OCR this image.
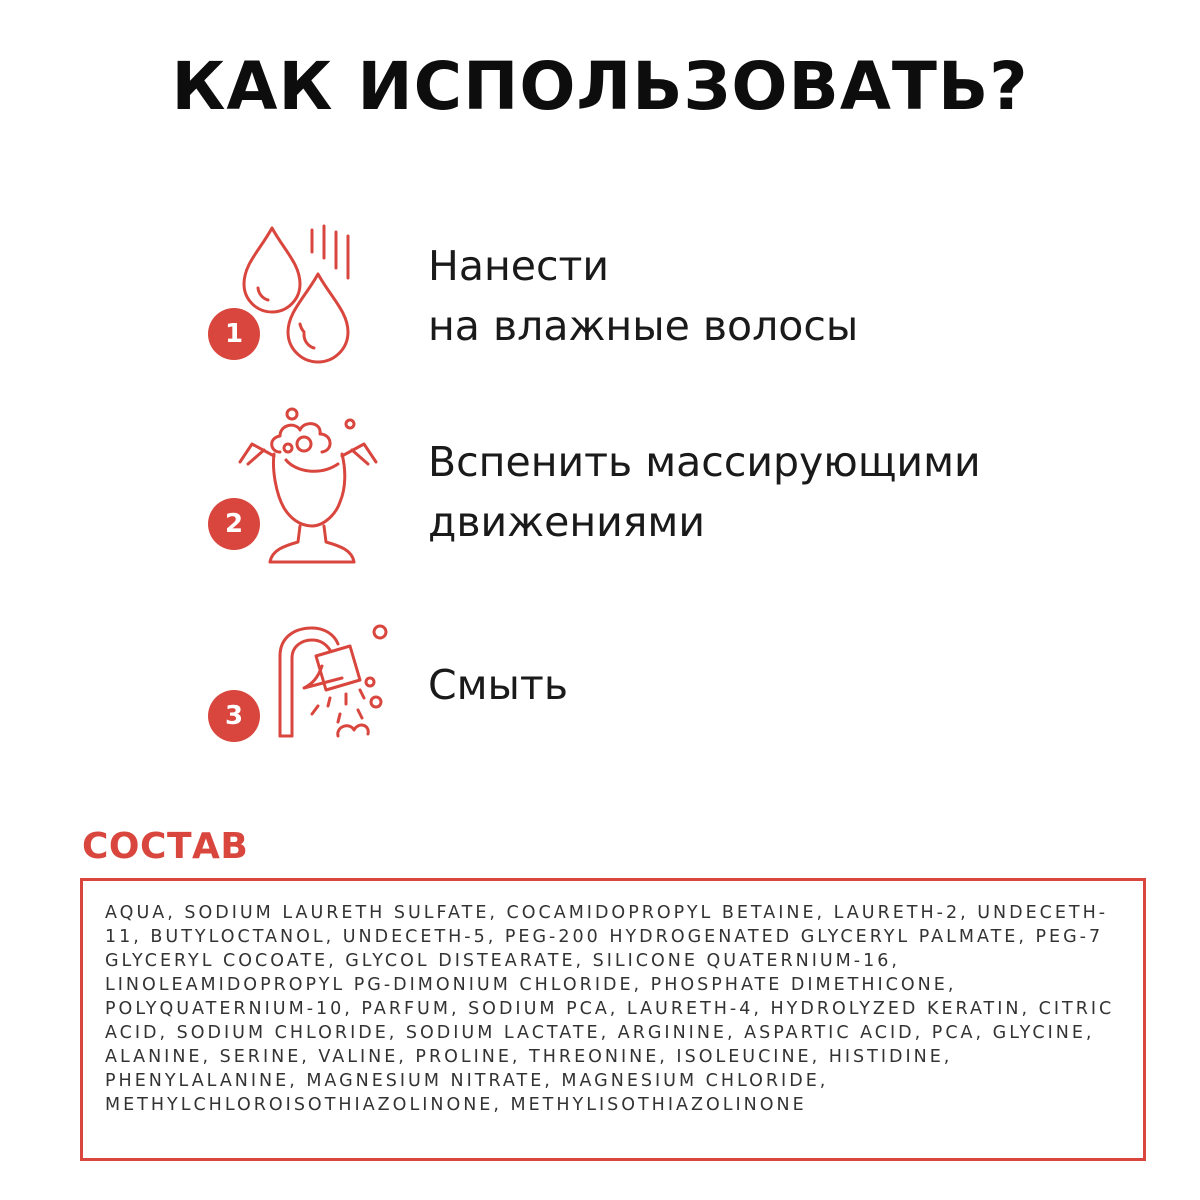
КАК ИСПОЛЬЗОВАТЬ?
1
Нанести
на влажные волосы
2
Вспенить массирующими
движениями
3
Смыть
СОСТАВ

AQUA, SODIUM LAURETH SULFATE, COCAMIDOPROPYL BETAINE, LAURETH-2, UNDECETH-11, BUTYLOCTANOL, UNDECETH-5, PEG-200 HYDROGENATED GLYCERYL PALMATE, PEG-7 GLYCERYL COCOATE, GLYCOL DISTEARATE, SILICONE QUATERNIUM-16, LINOLEAMIDOPROPYL PG-DIMONIUM CHLORIDE, PHOSPHATE DIMETHICONE, POLYQUATERNIUM-10, PARFUM, SODIUM PCA, LAURETH-4, HYDROLYZED KERATIN, CITRIC ACID, SODIUM CHLORIDE, SODIUM LACTATE, ARGININE, ASPARTIC ACID, PCA, GLYCINE, ALANINE, SERINE, VALINE, PROLINE, THREONINE, ISOLEUCINE, HISTIDINE, PHENYLALANINE, MAGNESIUM NITRATE, MAGNESIUM CHLORIDE, METHYLCHLOROISOTHIAZOLINONE, METHYLISOTHIAZOLINONE
